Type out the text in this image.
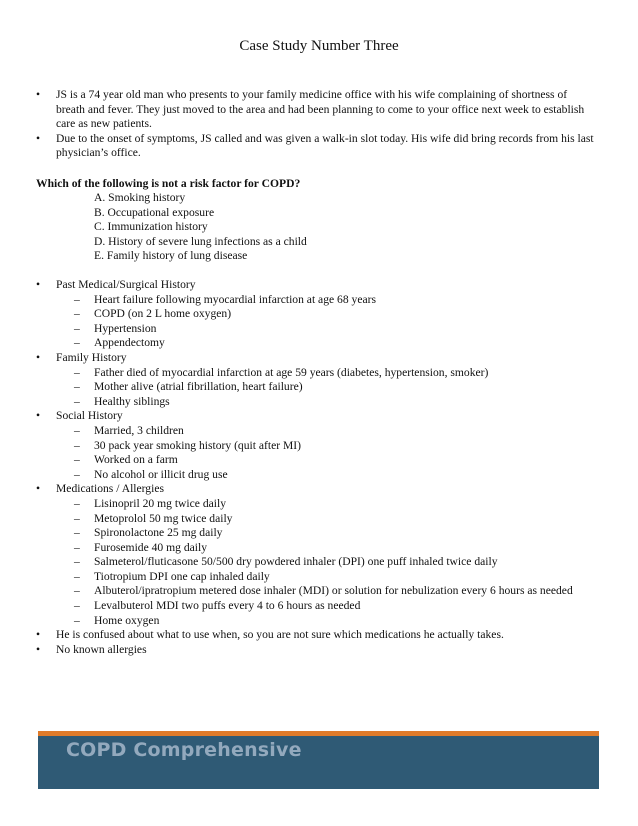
Case Study Number Three
•	JS is a 74 year old man who presents to your family medicine office with his wife complaining of shortness of breath and fever. They just moved to the area and had been planning to come to your office next week to establish care as new patients.
•	Due to the onset of symptoms, JS called and was given a walk-in slot today. His wife did bring records from his last physician’s office.
Which of the following is not a risk factor for COPD?
A. Smoking history
B. Occupational exposure
C. Immunization history
D. History of severe lung infections as a child
E. Family history of lung disease
•	Past Medical/Surgical History
–	Heart failure following myocardial infarction at age 68 years
–	COPD (on 2 L home oxygen)
–	Hypertension
–	Appendectomy
•	Family History
–	Father died of myocardial infarction at age 59 years (diabetes, hypertension, smoker)
–	Mother alive (atrial fibrillation, heart failure)
–	Healthy siblings
•	Social History
–	Married, 3 children
–	30 pack year smoking history (quit after MI)
–	Worked on a farm
–	No alcohol or illicit drug use
•	Medications / Allergies
–	Lisinopril 20 mg twice daily
–	Metoprolol 50 mg twice daily
–	Spironolactone 25 mg daily
–	Furosemide 40 mg daily
–	Salmeterol/fluticasone 50/500 dry powdered inhaler (DPI) one puff inhaled twice daily
–	Tiotropium DPI one cap inhaled daily
–	Albuterol/ipratropium metered dose inhaler (MDI) or solution for nebulization every 6 hours as needed
–	Levalbuterol MDI two puffs every 4 to 6 hours as needed
–	Home oxygen
•	He is confused about what to use when, so you are not sure which medications he actually takes.
•	No known allergies
COPD Comprehensive
